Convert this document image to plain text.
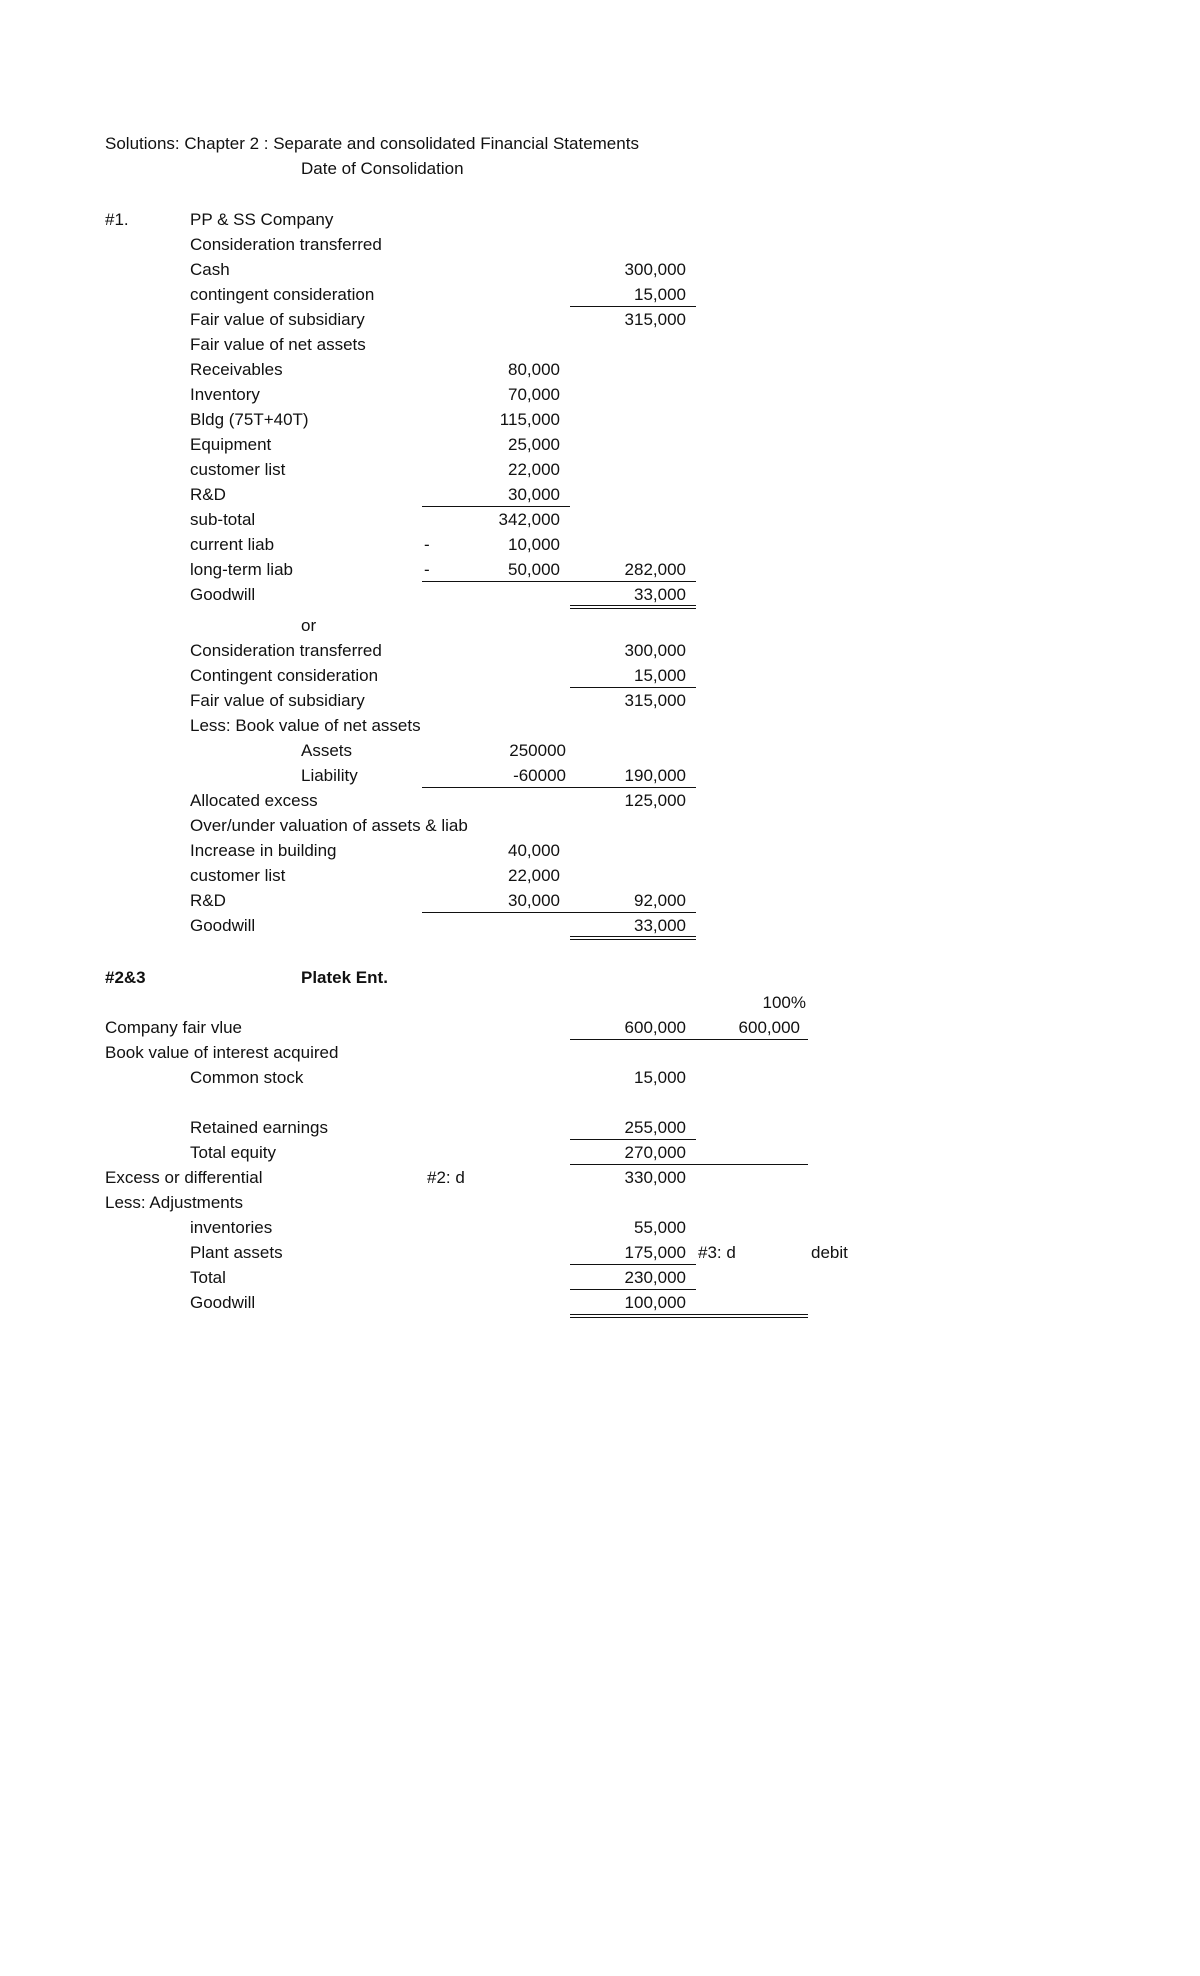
Solutions: Chapter 2 : Separate and consolidated Financial Statements
Date of Consolidation
#1.	PP & SS Company
Consideration transferred
Cash	300,000
contingent consideration	15,000
Fair value of subsidiary	315,000
Fair value of net assets
Receivables	80,000
Inventory	70,000
Bldg (75T+40T)	115,000
Equipment	25,000
customer list	22,000
R&D	30,000
sub-total	342,000
current liab	-	10,000
long-term liab	-	50,000	282,000
Goodwill	33,000
or
Consideration transferred	300,000
Contingent consideration	15,000
Fair value of subsidiary	315,000
Less: Book value of net assets
Assets	250000
Liability	-60000	190,000
Allocated excess	125,000
Over/under valuation of assets & liab
Increase in building	40,000
customer list	22,000
R&D	30,000	92,000
Goodwill	33,000
#2&3	Platek Ent.
100%
Company fair vlue	600,000	600,000
Book value of interest acquired
Common stock	15,000
Retained earnings	255,000
Total equity	270,000
Excess or differential	#2: d	330,000
Less: Adjustments
inventories	55,000
Plant assets	175,000 #3: d	debit
Total	230,000
Goodwill	100,000
